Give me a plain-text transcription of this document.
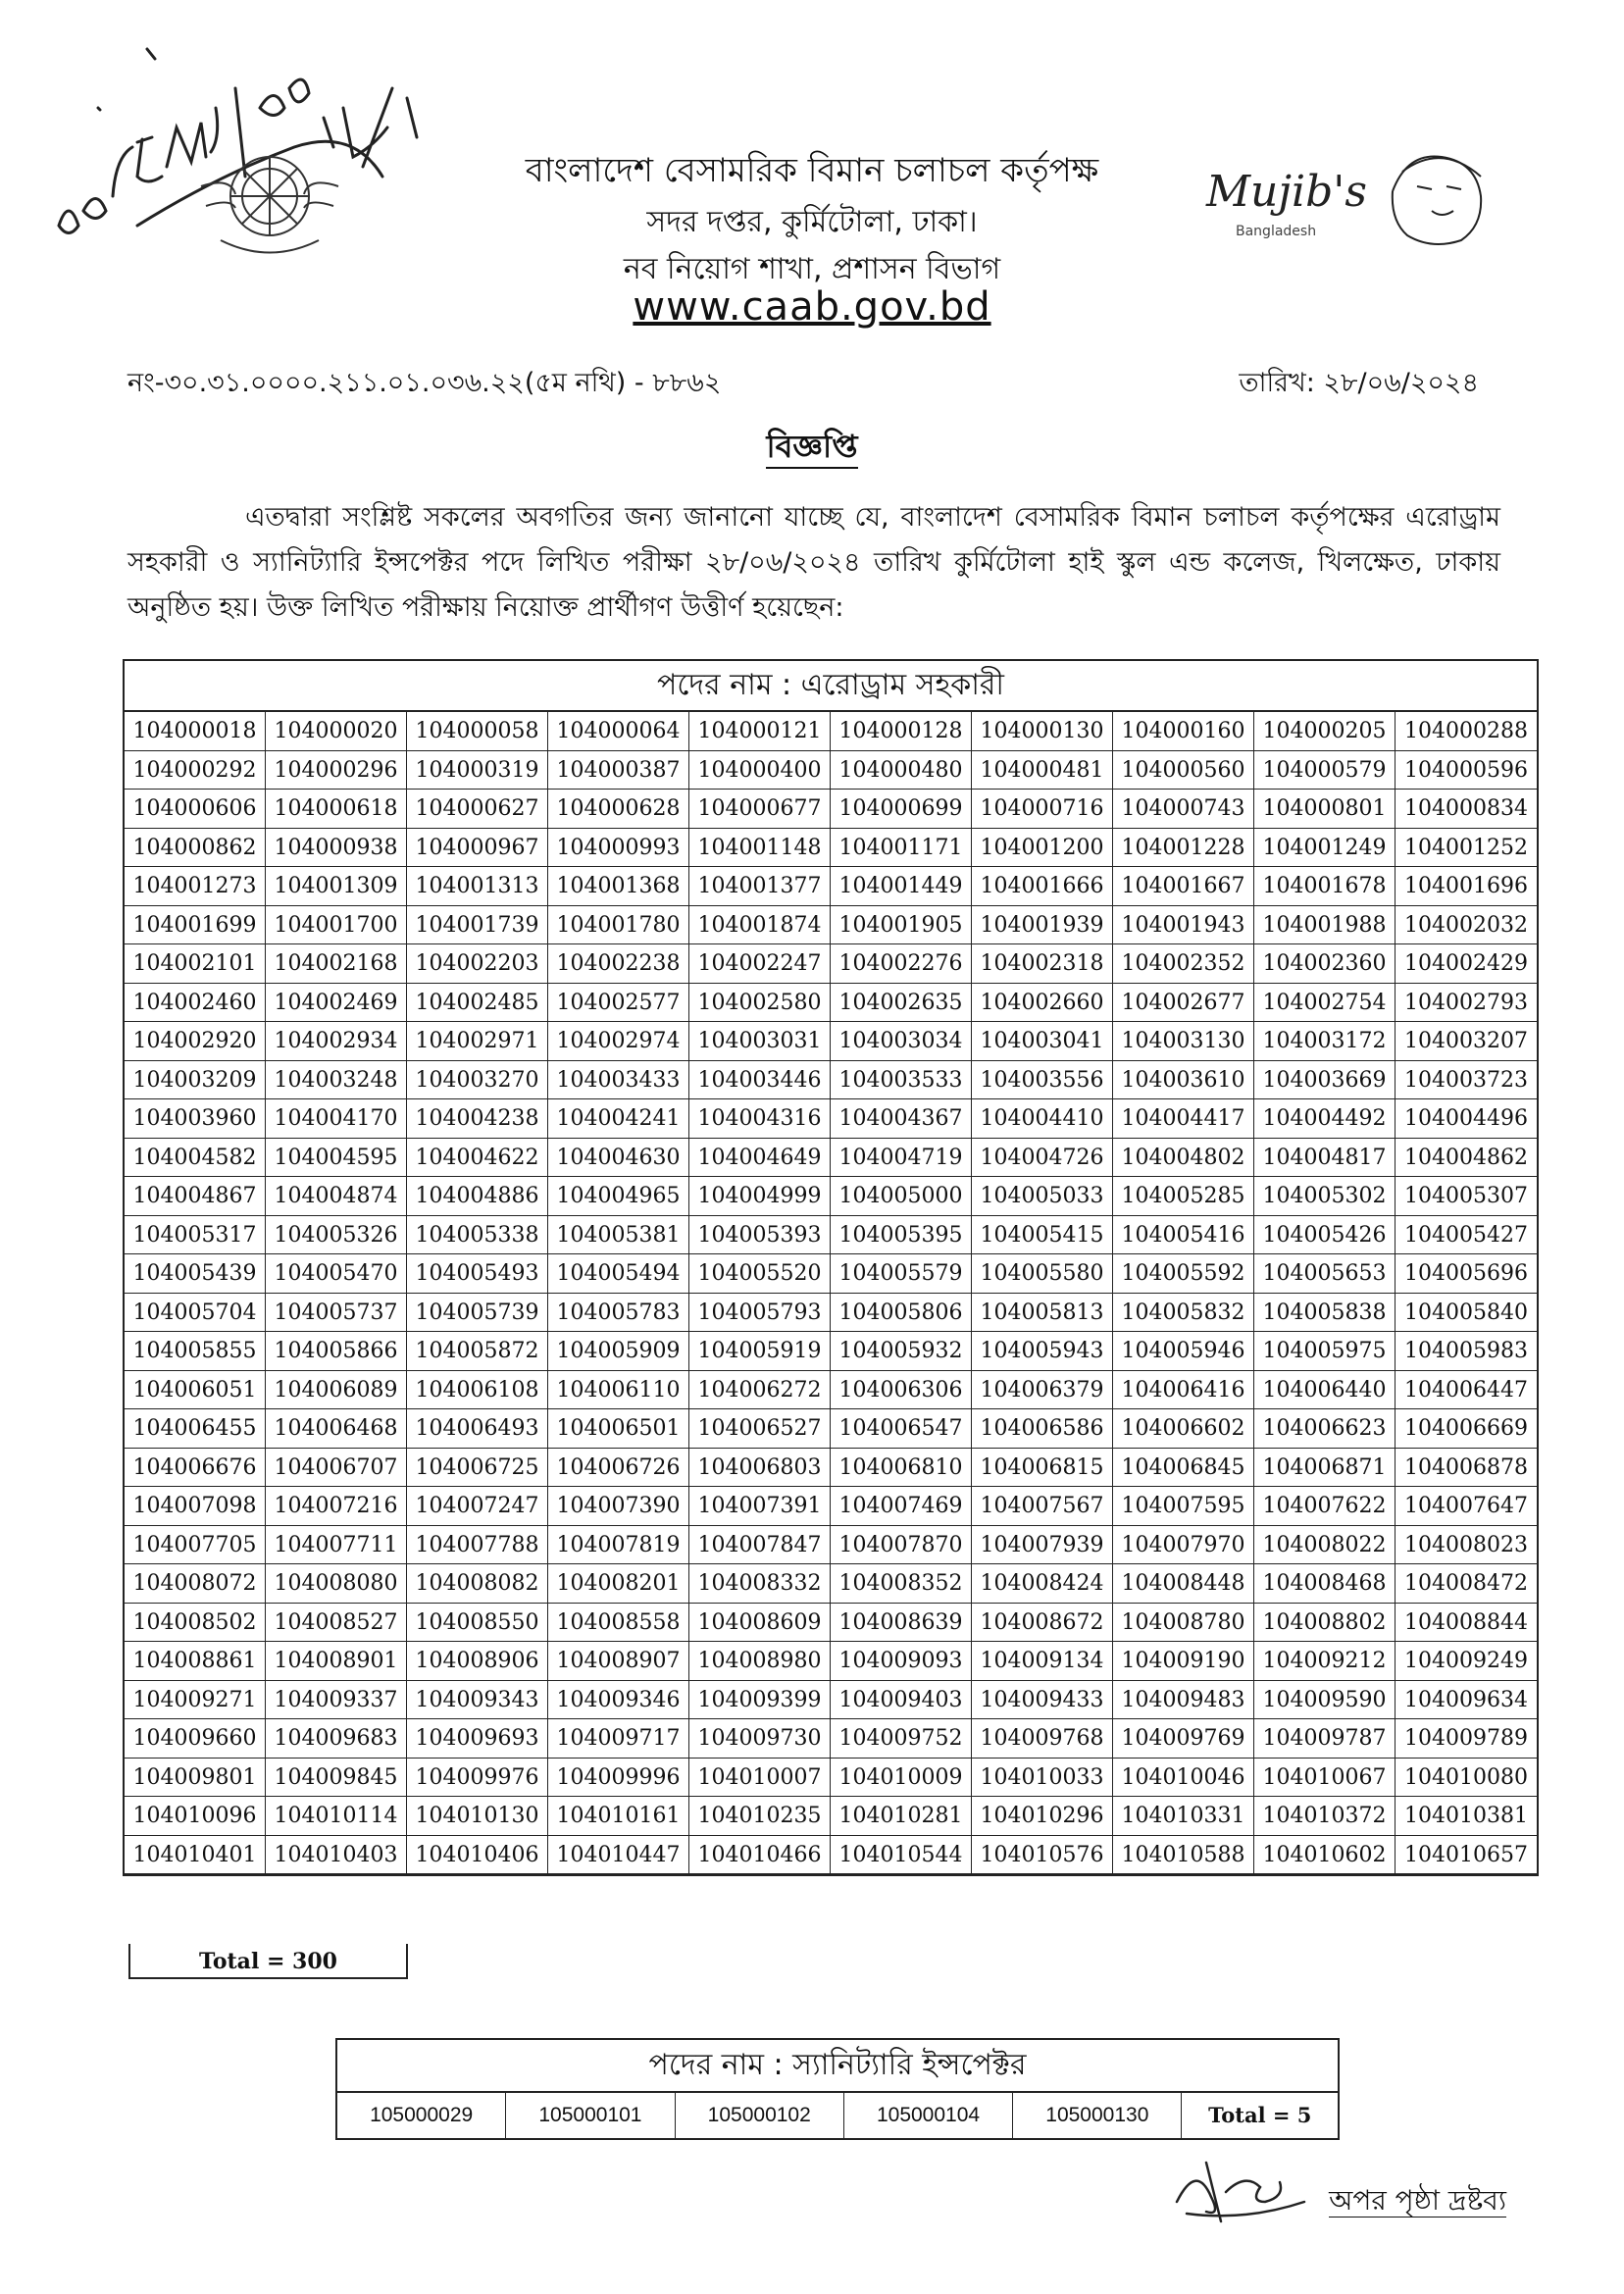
Mujib's
Bangladesh
বাংলাদেশ বেসামরিক বিমান চলাচল কর্তৃপক্ষ
সদর দপ্তর, কুর্মিটোলা, ঢাকা।
নব নিয়োগ শাখা, প্রশাসন বিভাগ
www.caab.gov.bd
নং-৩০.৩১.০০০০.২১১.০১.০৩৬.২২(৫ম নথি) - ৮৮৬২	তারিখ: ২৮/০৬/২০২৪
বিজ্ঞপ্তি
এতদ্বারা সংশ্লিষ্ট সকলের অবগতির জন্য জানানো যাচ্ছে যে, বাংলাদেশ বেসামরিক বিমান চলাচল কর্তৃপক্ষের এরোড্রাম সহকারী ও স্যানিট্যারি ইন্সপেক্টর পদে লিখিত পরীক্ষা ২৮/০৬/২০২৪ তারিখ কুর্মিটোলা হাই স্কুল এন্ড কলেজ, খিলক্ষেত, ঢাকায় অনুষ্ঠিত হয়। উক্ত লিখিত পরীক্ষায় নিয়োক্ত প্রার্থীগণ উত্তীর্ণ হয়েছেন:
পদের নাম : এরোড্রাম সহকারী
104000018 104000020 104000058 104000064 104000121 104000128 104000130 104000160 104000205 104000288
104000292 104000296 104000319 104000387 104000400 104000480 104000481 104000560 104000579 104000596
104000606 104000618 104000627 104000628 104000677 104000699 104000716 104000743 104000801 104000834
104000862 104000938 104000967 104000993 104001148 104001171 104001200 104001228 104001249 104001252
104001273 104001309 104001313 104001368 104001377 104001449 104001666 104001667 104001678 104001696
104001699 104001700 104001739 104001780 104001874 104001905 104001939 104001943 104001988 104002032
104002101 104002168 104002203 104002238 104002247 104002276 104002318 104002352 104002360 104002429
104002460 104002469 104002485 104002577 104002580 104002635 104002660 104002677 104002754 104002793
104002920 104002934 104002971 104002974 104003031 104003034 104003041 104003130 104003172 104003207
104003209 104003248 104003270 104003433 104003446 104003533 104003556 104003610 104003669 104003723
104003960 104004170 104004238 104004241 104004316 104004367 104004410 104004417 104004492 104004496
104004582 104004595 104004622 104004630 104004649 104004719 104004726 104004802 104004817 104004862
104004867 104004874 104004886 104004965 104004999 104005000 104005033 104005285 104005302 104005307
104005317 104005326 104005338 104005381 104005393 104005395 104005415 104005416 104005426 104005427
104005439 104005470 104005493 104005494 104005520 104005579 104005580 104005592 104005653 104005696
104005704 104005737 104005739 104005783 104005793 104005806 104005813 104005832 104005838 104005840
104005855 104005866 104005872 104005909 104005919 104005932 104005943 104005946 104005975 104005983
104006051 104006089 104006108 104006110 104006272 104006306 104006379 104006416 104006440 104006447
104006455 104006468 104006493 104006501 104006527 104006547 104006586 104006602 104006623 104006669
104006676 104006707 104006725 104006726 104006803 104006810 104006815 104006845 104006871 104006878
104007098 104007216 104007247 104007390 104007391 104007469 104007567 104007595 104007622 104007647
104007705 104007711 104007788 104007819 104007847 104007870 104007939 104007970 104008022 104008023
104008072 104008080 104008082 104008201 104008332 104008352 104008424 104008448 104008468 104008472
104008502 104008527 104008550 104008558 104008609 104008639 104008672 104008780 104008802 104008844
104008861 104008901 104008906 104008907 104008980 104009093 104009134 104009190 104009212 104009249
104009271 104009337 104009343 104009346 104009399 104009403 104009433 104009483 104009590 104009634
104009660 104009683 104009693 104009717 104009730 104009752 104009768 104009769 104009787 104009789
104009801 104009845 104009976 104009996 104010007 104010009 104010033 104010046 104010067 104010080
104010096 104010114 104010130 104010161 104010235 104010281 104010296 104010331 104010372 104010381
104010401 104010403 104010406 104010447 104010466 104010544 104010576 104010588 104010602 104010657
Total = 300
পদের নাম : স্যানিট্যারি ইন্সপেক্টর
105000029	105000101	105000102	105000104	105000130	Total = 5
অপর পৃষ্ঠা দ্রষ্টব্য
